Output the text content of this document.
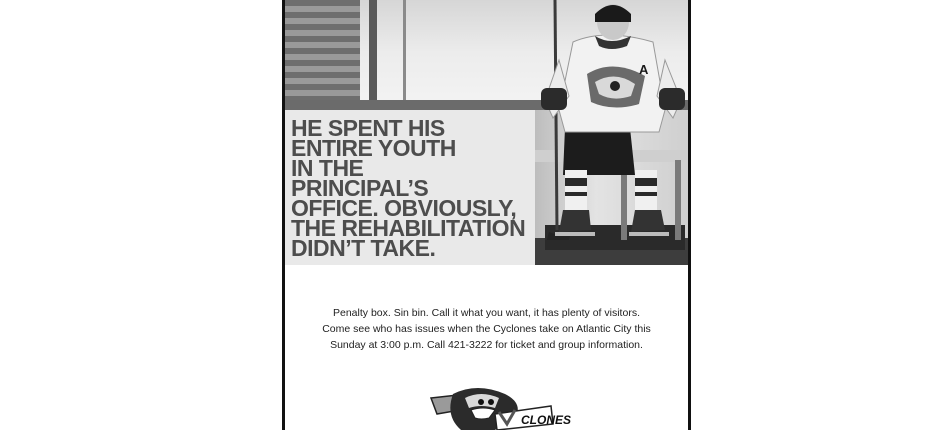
A
HE SPENT HIS
ENTIRE YOUTH
IN THE
PRINCIPAL’S
OFFICE. OBVIOUSLY,
THE REHABILITATION
DIDN’T TAKE.

Penalty box. Sin bin. Call it what you want, it has plenty of visitors.
Come see who has issues when the Cyclones take on Atlantic City this
Sunday at 3:00 p.m. Call 421-3222 for ticket and group information.

CLONES
